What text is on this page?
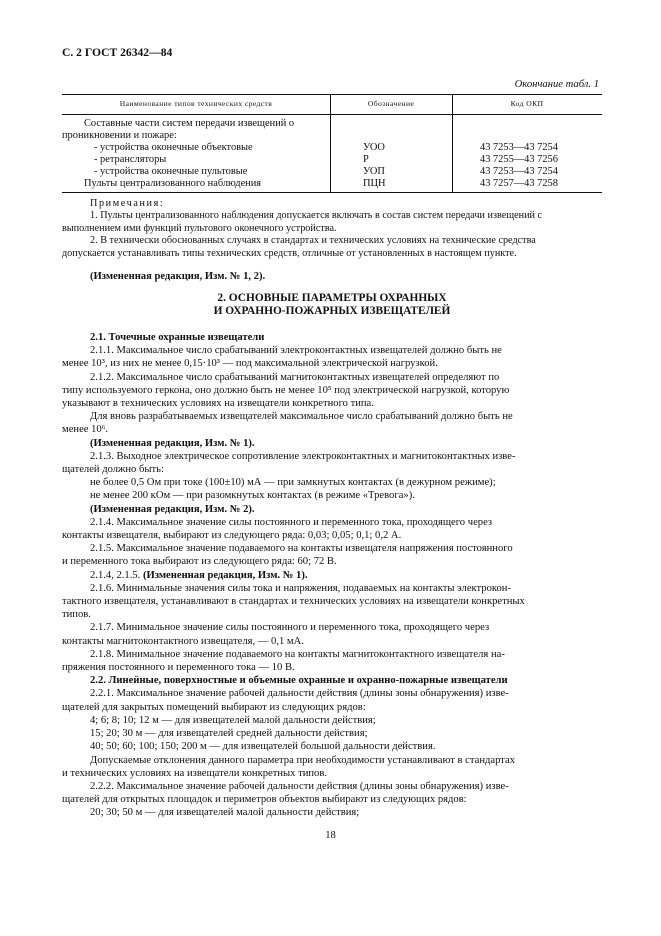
С. 2 ГОСТ 26342—84
Окончание табл. 1
Наименование типов технических средств	Обозначение	Код ОКП
Составные части систем передачи извещений о
проникновении и пожаре:
- устройства оконечные объектовые	УОО	43 7253—43 7254
- ретрансляторы	Р	43 7255—43 7256
- устройства оконечные пультовые	УОП	43 7253—43 7254
Пульты централизованного наблюдения	ПЦН	43 7257—43 7258
Примечания:
1. Пульты централизованного наблюдения допускается включать в состав систем передачи извещений с
выполнением ими функций пультового оконечного устройства.
2. В технически обоснованных случаях в стандартах и технических условиях на технические средства
допускается устанавливать типы технических средств, отличные от установленных в настоящем пункте.
(Измененная редакция, Изм. № 1, 2).
2. ОСНОВНЫЕ ПАРАМЕТРЫ ОХРАННЫХ
И ОХРАННО-ПОЖАРНЫХ ИЗВЕЩАТЕЛЕЙ
2.1. Точечные охранные извещатели
2.1.1. Максимальное число срабатываний электроконтактных извещателей должно быть не
менее 10³, из них не менее 0,15·10³ — под максимальной электрической нагрузкой.
2.1.2. Максимальное число срабатываний магнитоконтактных извещателей определяют по
типу используемого геркона, оно должно быть не менее 10⁵ под электрической нагрузкой, которую
указывают в технических условиях на извещатели конкретного типа.
Для вновь разрабатываемых извещателей максимальное число срабатываний должно быть не
менее 10⁶.
(Измененная редакция, Изм. № 1).
2.1.3. Выходное электрическое сопротивление электроконтактных и магнитоконтактных изве-
щателей должно быть:
не более 0,5 Ом при токе (100±10) мА — при замкнутых контактах (в дежурном режиме);
не менее 200 кОм — при разомкнутых контактах (в режиме «Тревога»).
(Измененная редакция, Изм. № 2).
2.1.4. Максимальное значение силы постоянного и переменного тока, проходящего через
контакты извещателя, выбирают из следующего ряда: 0,03; 0,05; 0,1; 0,2 А.
2.1.5. Максимальное значение подаваемого на контакты извещателя напряжения постоянного
и переменного тока выбирают из следующего ряда: 60; 72 В.
2.1.4, 2.1.5. (Измененная редакция, Изм. № 1).
2.1.6. Минимальные значения силы тока и напряжения, подаваемых на контакты электрокон-
тактного извещателя, устанавливают в стандартах и технических условиях на извещатели конкретных
типов.
2.1.7. Минимальное значение силы постоянного и переменного тока, проходящего через
контакты магнитоконтактного извещателя, — 0,1 мА.
2.1.8. Минимальное значение подаваемого на контакты магнитоконтактного извещателя на-
пряжения постоянного и переменного тока — 10 В.
2.2. Линейные, поверхностные и объемные охранные и охранно-пожарные извещатели
2.2.1. Максимальное значение рабочей дальности действия (длины зоны обнаружения) изве-
щателей для закрытых помещений выбирают из следующих рядов:
4; 6; 8; 10; 12 м — для извещателей малой дальности действия;
15; 20; 30 м — для извещателей средней дальности действия;
40; 50; 60; 100; 150; 200 м — для извещателей большой дальности действия.
Допускаемые отклонения данного параметра при необходимости устанавливают в стандартах
и технических условиях на извещатели конкретных типов.
2.2.2. Максимальное значение рабочей дальности действия (длины зоны обнаружения) изве-
щателей для открытых площадок и периметров объектов выбирают из следующих рядов:
20; 30; 50 м — для извещателей малой дальности действия;
18
